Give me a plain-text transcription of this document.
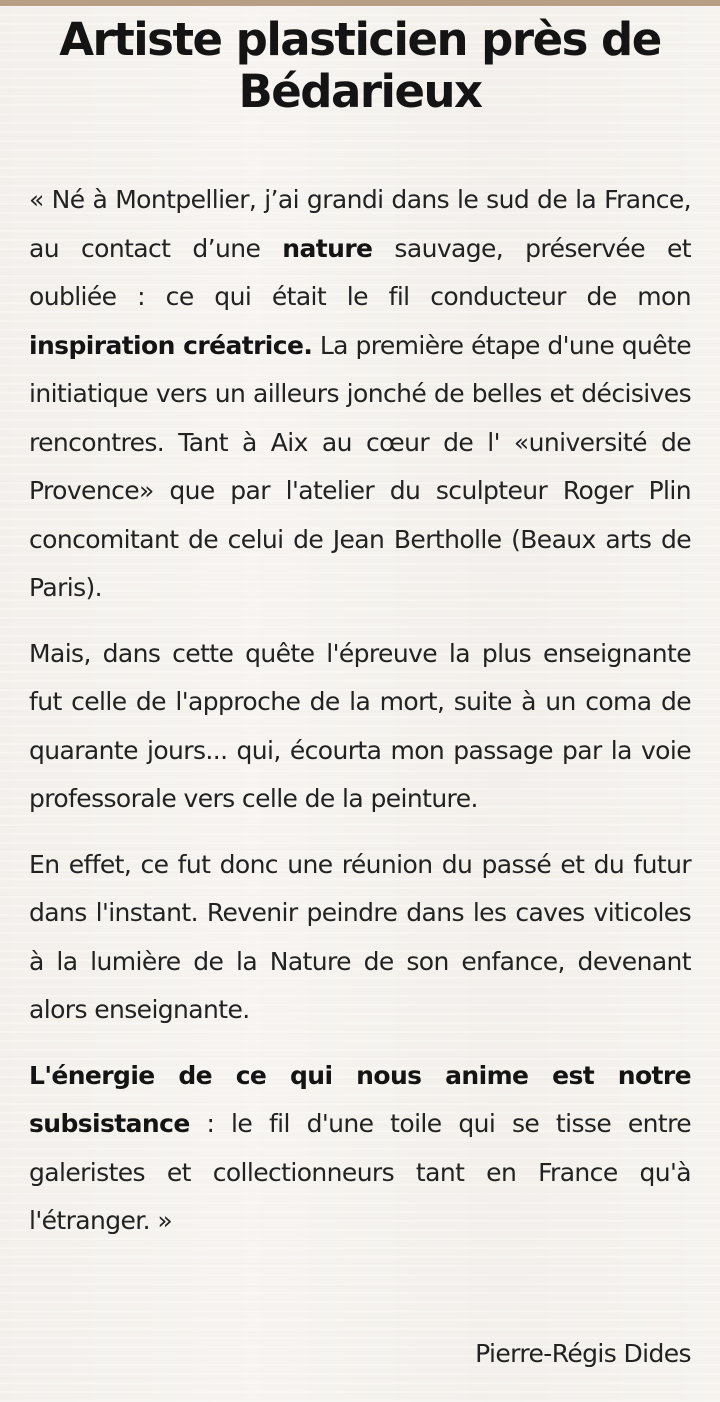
Artiste plasticien près de
Bédarieux

« Né à Montpellier, j’ai grandi dans le sud de la France, au contact d’une nature sauvage, préservée et oubliée : ce qui était le fil conducteur de mon inspiration créatrice. La première étape d'une quête initiatique vers un ailleurs jonché de belles et décisives rencontres. Tant à Aix au cœur de l' «université de Provence» que par l'atelier du sculpteur Roger Plin concomitant de celui de Jean Bertholle (Beaux arts de Paris).

Mais, dans cette quête l'épreuve la plus enseignante fut celle de l'approche de la mort, suite à un coma de quarante jours... qui, écourta mon passage par la voie professorale vers celle de la peinture.

En effet, ce fut donc une réunion du passé et du futur dans l'instant. Revenir peindre dans les caves viticoles à la lumière de la Nature de son enfance, devenant alors enseignante.

L'énergie de ce qui nous anime est notre subsistance : le fil d'une toile qui se tisse entre galeristes et collectionneurs tant en France qu'à l'étranger. »

Pierre-Régis Dides
